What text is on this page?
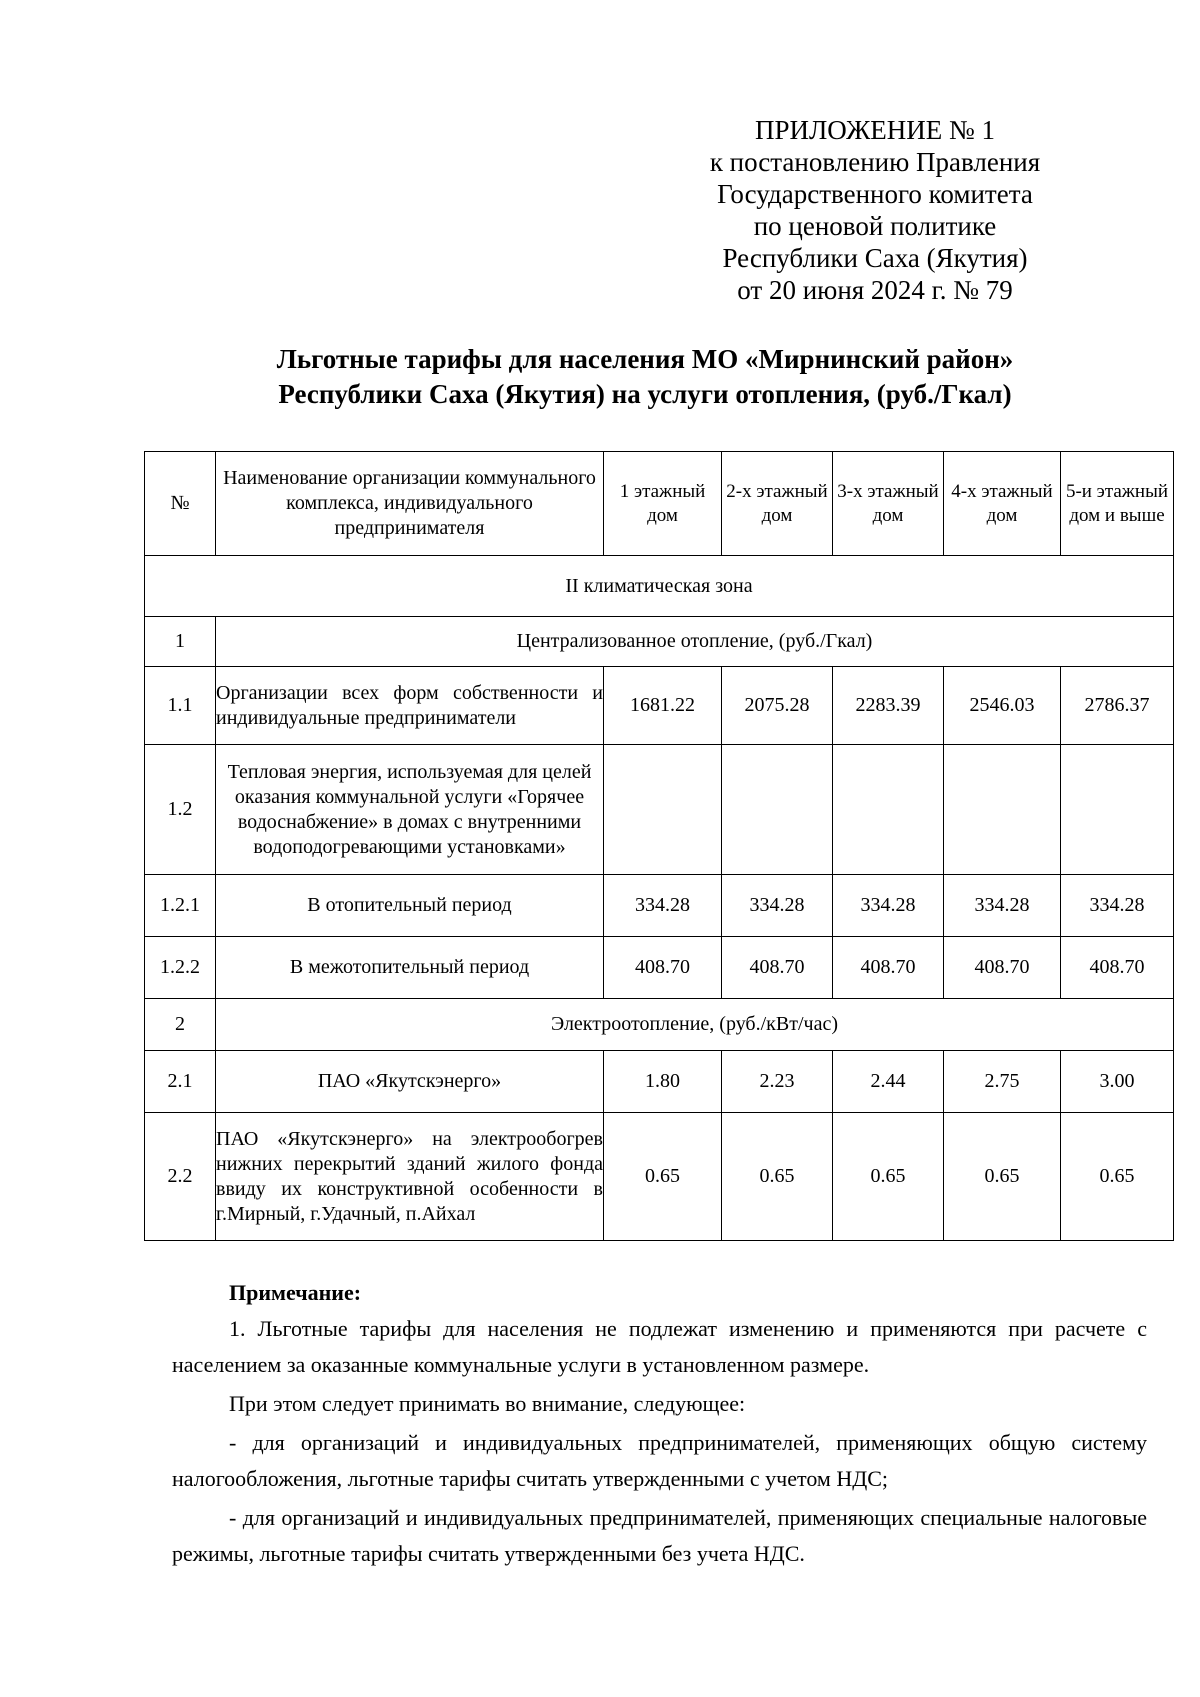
ПРИЛОЖЕНИЕ № 1
к постановлению Правления
Государственного комитета
по ценовой политике
Республики Саха (Якутия)
от 20 июня 2024 г. № 79
Льготные тарифы для населения МО «Мирнинский район»
Республики Саха (Якутия) на услуги отопления, (руб./Гкал)
№	Наименование организации коммунального комплекса, индивидуального предпринимателя	1 этажный дом	2-х этажный дом	3-х этажный дом	4-х этажный дом	5-и этажный дом и выше
II климатическая зона						
1	Централизованное отопление, (руб./Гкал)					
1.1	Организации всех форм собственности и индивидуальные предприниматели	1681.22	2075.28	2283.39	2546.03	2786.37
1.2	Тепловая энергия, используемая для целей оказания коммунальной услуги «Горячее водоснабжение» в домах с внутренними водоподогревающими установками»					
1.2.1	В отопительный период	334.28	334.28	334.28	334.28	334.28
1.2.2	В межотопительный период	408.70	408.70	408.70	408.70	408.70
2	Электроотопление, (руб./кВт/час)					
2.1	ПАО «Якутскэнерго»	1.80	2.23	2.44	2.75	3.00
2.2	ПАО «Якутскэнерго» на электрообогрев нижних перекрытий зданий жилого фонда ввиду их конструктивной особенности в г.Мирный, г.Удачный, п.Айхал	0.65	0.65	0.65	0.65	0.65
Примечание:

1. Льготные тарифы для населения не подлежат изменению и применяются при расчете с населением за оказанные коммунальные услуги в установленном размере.

При этом следует принимать во внимание, следующее:

- для организаций и индивидуальных предпринимателей, применяющих общую систему налогообложения, льготные тарифы считать утвержденными с учетом НДС;

- для организаций и индивидуальных предпринимателей, применяющих специальные налоговые режимы, льготные тарифы считать утвержденными без учета НДС.
